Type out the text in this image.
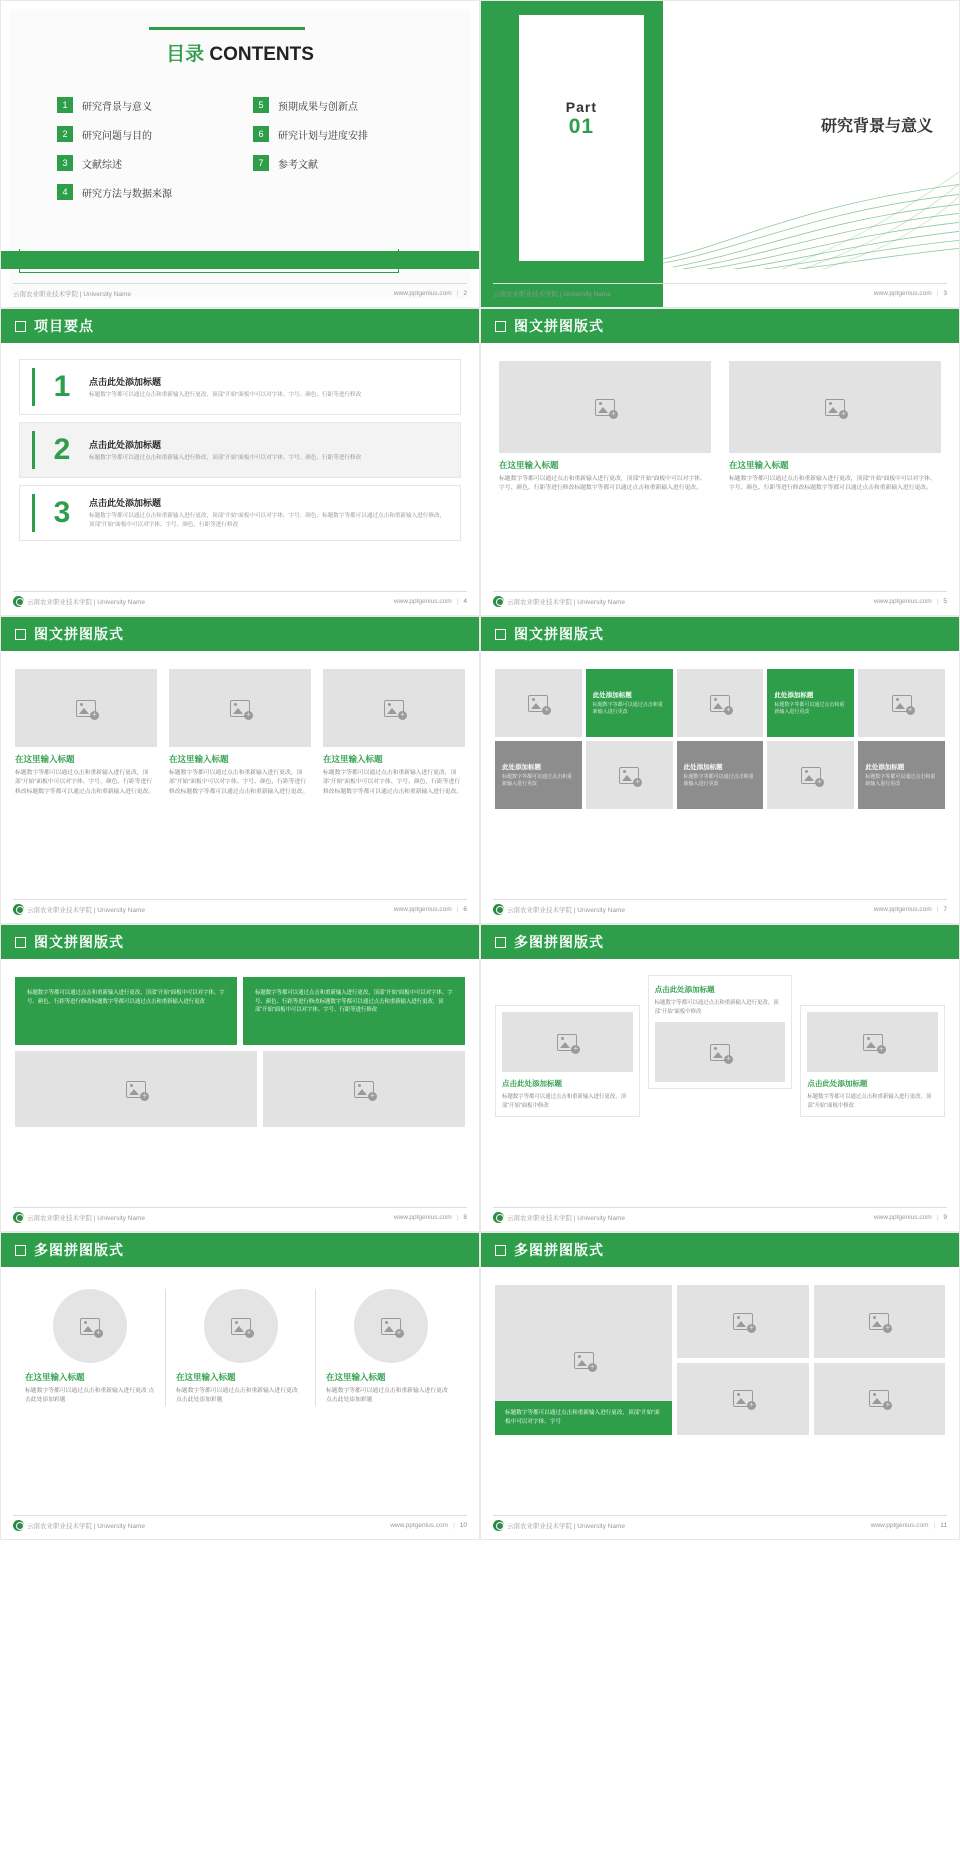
目录 CONTENTS
1	研究背景与意义	5	预期成果与创新点
2	研究问题与目的	6	研究计划与进度安排
3	文献综述	7	参考文献
4	研究方法与数据来源
云南农业职业技术学院 | University Name	www.pptgenius.com | 2
Part
01	研究背景与意义
云南农业职业技术学院 | University Name	www.pptgenius.com | 3
项目要点
1	点击此处添加标题
标题数字等都可以通过点击和重新输入进行更改，顶部“开始”面板中可以对字体、字号、颜色、行距等进行修改
2	点击此处添加标题
标题数字等都可以通过点击和重新输入进行修改，顶部“开始”面板中可以对字体、字号、颜色、行距等进行修改
3	点击此处添加标题
标题数字等都可以通过点击和重新输入进行更改，顶部“开始”面板中可以对字体、字号、颜色、标题数字等都可以通过点击和重新输入进行修改，顶部“开始”面板中可以对字体、字号、颜色、行距等进行修改
云南农业职业技术学院 | University Name	www.pptgenius.com | 4
图文拼图版式
+
在这里输入标题
标题数字等都可以通过点击和重新输入进行更改，顶部“开始”面板中可以对字体、字号、颜色、行距等进行修改标题数字等都可以通过点击和重新输入进行更改。
+
在这里输入标题
标题数字等都可以通过点击和重新输入进行更改，顶部“开始”面板中可以对字体、字号、颜色、行距等进行修改标题数字等都可以通过点击和重新输入进行更改。
云南农业职业技术学院 | University Name	www.pptgenius.com | 5
图文拼图版式
+
在这里输入标题
标题数字等都可以通过点击和重新输入进行更改，顶部“开始”面板中可以对字体、字号、颜色、行距等进行修改标题数字等都可以通过点击和重新输入进行更改。
+
在这里输入标题
标题数字等都可以通过点击和重新输入进行更改，顶部“开始”面板中可以对字体、字号、颜色、行距等进行修改标题数字等都可以通过点击和重新输入进行更改。
+
在这里输入标题
标题数字等都可以通过点击和重新输入进行更改，顶部“开始”面板中可以对字体、字号、颜色、行距等进行修改标题数字等都可以通过点击和重新输入进行更改。
云南农业职业技术学院 | University Name	www.pptgenius.com | 6
图文拼图版式
+
此处添加标题
标题数字等都可以通过点击和重新输入进行更改	+
此处添加标题
标题数字等都可以通过点击和重新输入进行更改	+
此处添加标题
标题数字等都可以通过点击和重新输入进行更改	+
此处添加标题
标题数字等都可以通过点击和重新输入进行更改	+
此处添加标题
标题数字等都可以通过点击和重新输入进行更改
云南农业职业技术学院 | University Name	www.pptgenius.com | 7
图文拼图版式
标题数字等都可以通过点击和重新输入进行更改，顶部“开始”面板中可以对字体、字号、颜色、行距等进行修改标题数字等都可以通过点击和重新输入进行更改
标题数字等都可以通过点击和重新输入进行更改，顶部“开始”面板中可以对字体、字号、颜色、行距等进行修改标题数字等都可以通过点击和重新输入进行更改，顶部“开始”面板中可以对字体、字号、行距等进行修改
+	+
云南农业职业技术学院 | University Name	www.pptgenius.com | 8
多图拼图版式
+
点击此处添加标题
标题数字等都可以通过点击和重新输入进行更改，顶部“开始”面板中修改
点击此处添加标题
标题数字等都可以通过点击和重新输入进行更改，顶部“开始”面板中修改
+
+
点击此处添加标题
标题数字等都可以通过点击和重新输入进行更改，顶部“开始”面板中修改
云南农业职业技术学院 | University Name	www.pptgenius.com | 9
多图拼图版式
+
在这里输入标题
标题数字等都可以通过点击和重新输入进行更改 点击此处添加彩题
+
在这里输入标题
标题数字等都可以通过点击和重新输入进行更改 点击此处添加彩题
+
在这里输入标题
标题数字等都可以通过点击和重新输入进行更改 点击此处添加彩题
云南农业职业技术学院 | University Name	www.pptgenius.com | 10
多图拼图版式
+
标题数字等都可以通过点击和重新输入进行更改，顶部“开始”面板中可以对字体、字号
+	+
+	+
云南农业职业技术学院 | University Name	www.pptgenius.com | 11
